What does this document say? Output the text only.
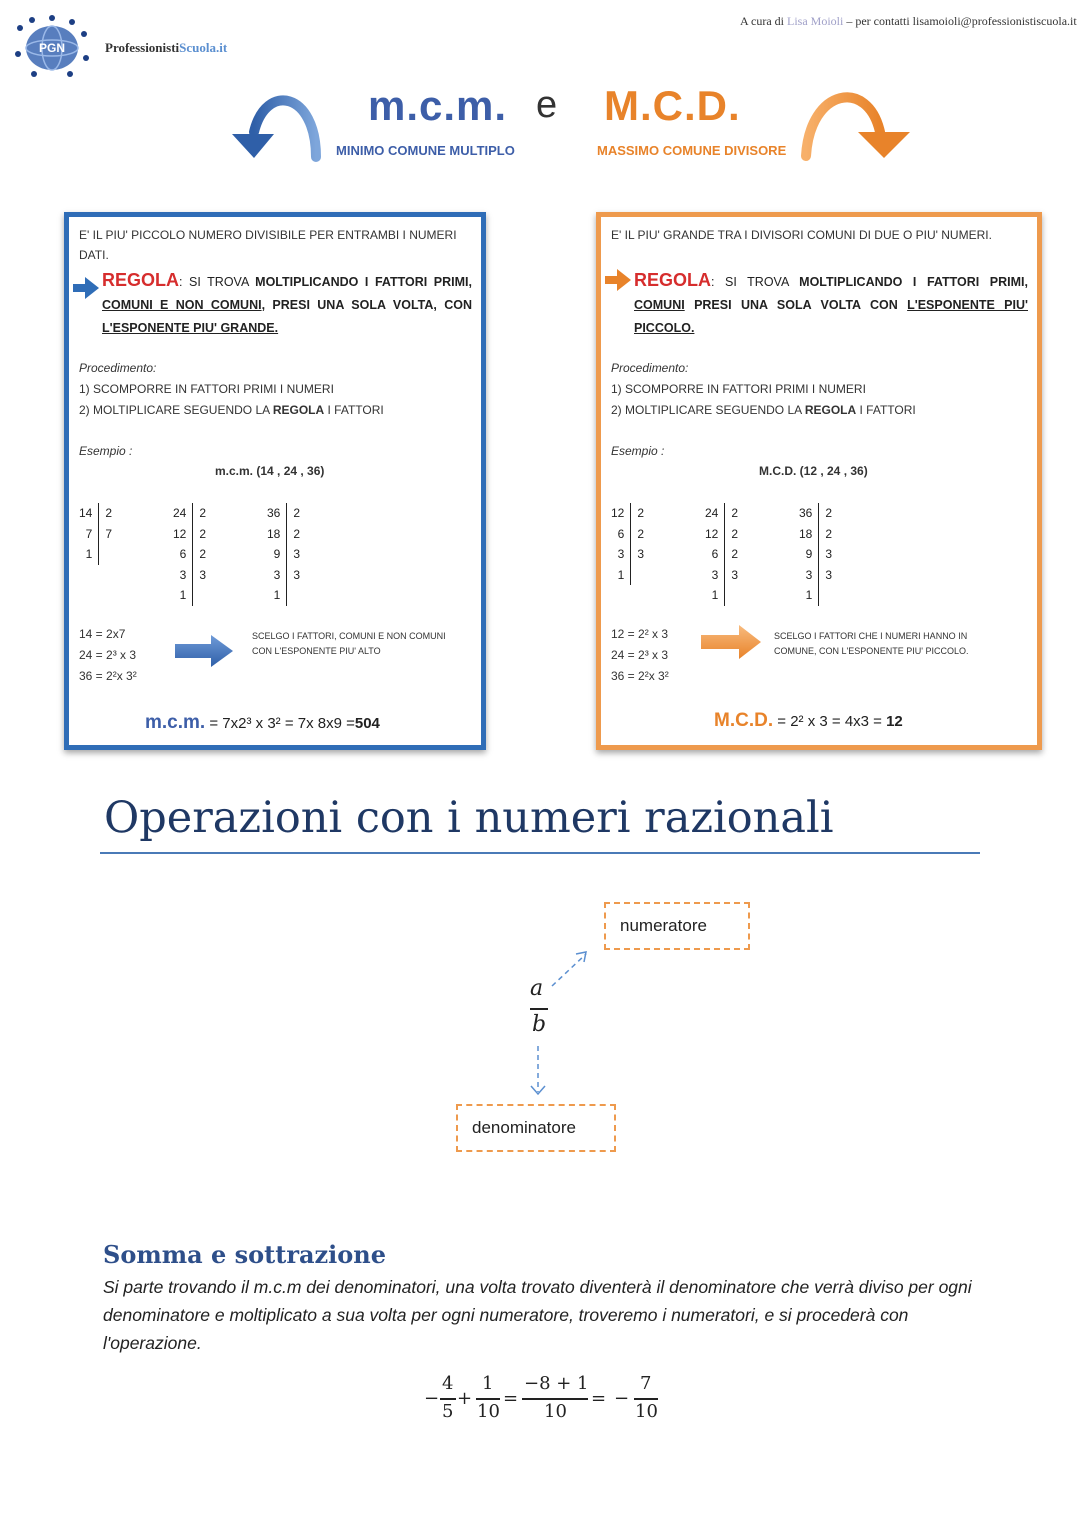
A cura di Lisa Moioli – per contatti lisamoioli@professionistiscuola.it
PGN	ProfessionistiScuola.it
m.c.m. e M.C.D.
MINIMO COMUNE MULTIPLO	MASSIMO COMUNE DIVISORE
E' IL PIU' PICCOLO NUMERO DIVISIBILE PER ENTRAMBI I NUMERI DATI.
REGOLA: SI TROVA MOLTIPLICANDO I FATTORI PRIMI, COMUNI E NON COMUNI, PRESI UNA SOLA VOLTA, CON L'ESPONENTE PIU' GRANDE.
Procedimento:
1) SCOMPORRE IN FATTORI PRIMI I NUMERI
2) MOLTIPLICARE SEGUENDO LA REGOLA I FATTORI
Esempio :
m.c.m. (14 , 24 , 36)
14	2
7	7
1	
24	2
12	2
6	2
3	3
1	
36	2
18	2
9	3
3	3
1	
14 = 2x7
24 = 2³ x 3
36 = 2²x 3²
SCELGO I FATTORI, COMUNI E NON COMUNI
CON L'ESPONENTE PIU' ALTO
m.c.m. = 7x2³ x 3² = 7x 8x9 =504
E' IL PIU' GRANDE TRA I DIVISORI COMUNI DI DUE O PIU' NUMERI.
REGOLA: SI TROVA MOLTIPLICANDO I FATTORI PRIMI, COMUNI PRESI UNA SOLA VOLTA CON L'ESPONENTE PIU' PICCOLO.
Procedimento:
1) SCOMPORRE IN FATTORI PRIMI I NUMERI
2) MOLTIPLICARE SEGUENDO LA REGOLA I FATTORI
Esempio :
M.C.D. (12 , 24 , 36)
12	2
6	2
3	3
1	
24	2
12	2
6	2
3	3
1	
36	2
18	2
9	3
3	3
1	
12 = 2² x 3
24 = 2³ x 3
36 = 2²x 3²
SCELGO I FATTORI CHE I NUMERI HANNO IN
COMUNE, CON L'ESPONENTE PIU' PICCOLO.
M.C.D. = 2² x 3 = 4x3 = 12
Operazioni con i numeri razionali
numeratore
denominatore
a
b
Somma e sottrazione
Si parte trovando il m.c.m dei denominatori, una volta trovato diventerà il denominatore che verrà diviso per ogni denominatore e moltiplicato a sua volta per ogni numeratore, troveremo i numeratori, e si procederà con l'operazione.
−
4
5
+
1
10
=
−8 + 1
10
= −
7
10
